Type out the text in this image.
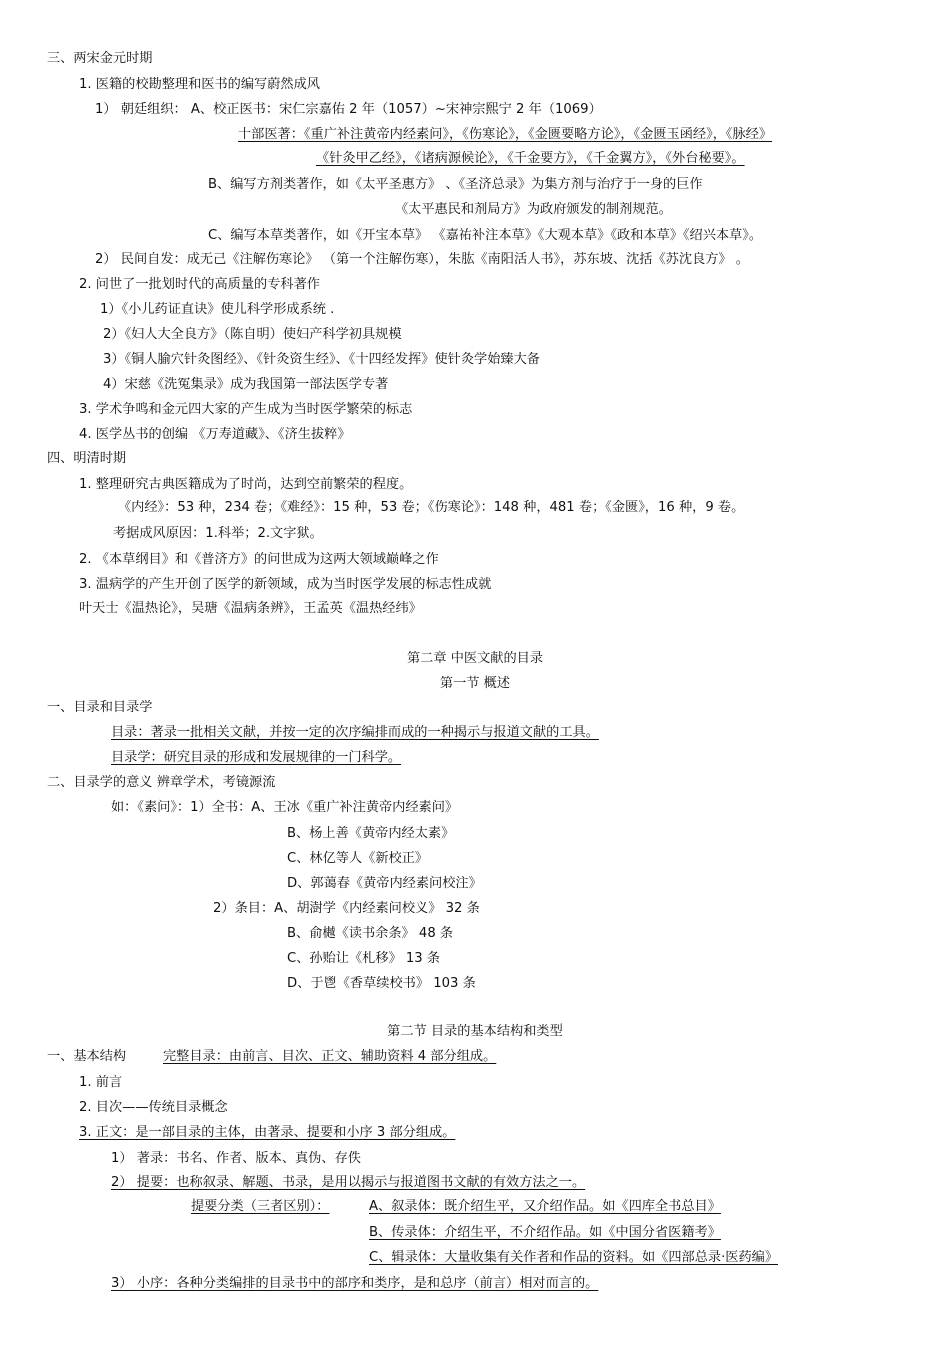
三、两宋金元时期
1. 医籍的校勘整理和医书的编写蔚然成风
1） 朝廷组织： A、校正医书：宋仁宗嘉佑 2 年（1057）~宋神宗熙宁 2 年（1069）
十部医著：《重广补注黄帝内经素问》，《伤寒论》，《金匮要略方论》，《金匮玉函经》，《脉经》
《针灸甲乙经》，《诸病源候论》，《千金要方》，《千金翼方》，《外台秘要》。
B、编写方剂类著作，如《太平圣惠方》 、《圣济总录》为集方剂与治疗于一身的巨作
《太平惠民和剂局方》为政府颁发的制剂规范。
C、编写本草类著作，如《开宝本草》 《嘉祐补注本草》《大观本草》《政和本草》《绍兴本草》。
2） 民间自发：成无己《注解伤寒论》 （第一个注解伤寒），朱肱《南阳活人书》，苏东坡、沈括《苏沈良方》 。
2. 问世了一批划时代的高质量的专科著作
1）《小儿药证直诀》使儿科学形成系统 .
2）《妇人大全良方》（陈自明）使妇产科学初具规模
3）《铜人腧穴针灸图经》、《针灸资生经》、《十四经发挥》使针灸学始臻大备
4）宋慈《洗冤集录》成为我国第一部法医学专著
3. 学术争鸣和金元四大家的产生成为当时医学繁荣的标志
4. 医学丛书的创编 《万寿道藏》、《济生拔粹》
四、明清时期
1. 整理研究古典医籍成为了时尚，达到空前繁荣的程度。
《内经》：53 种，234 卷；《难经》：15 种，53 卷；《伤寒论》：148 种，481 卷；《金匮》，16 种，9 卷。
考据成风原因：1.科举；2.文字狱。
2. 《本草纲目》和《普济方》的问世成为这两大领域巅峰之作
3. 温病学的产生开创了医学的新领域，成为当时医学发展的标志性成就
叶天士《温热论》，吴瑭《温病条辨》，王孟英《温热经纬》
第二章 中医文献的目录
第一节 概述
一、目录和目录学
目录：著录一批相关文献，并按一定的次序编排而成的一种揭示与报道文献的工具。
目录学：研究目录的形成和发展规律的一门科学。
二、目录学的意义 辨章学术，考镜源流
如：《素问》：1）全书：A、王冰《重广补注黄帝内经素问》
B、杨上善《黄帝内经太素》
C、林亿等人《新校正》
D、郭蔼春《黄帝内经素问校注》
2）条目：A、胡澍学《内经素问校义》 32 条
B、俞樾《读书余条》 48 条
C、孙贻让《札移》 13 条
D、于鬯《香草续校书》 103 条
第二节 目录的基本结构和类型
一、基本结构	完整目录：由前言、目次、正文、辅助资料 4 部分组成。
1. 前言
2. 目次——传统目录概念
3. 正文：是一部目录的主体，由著录、提要和小序 3 部分组成。
1） 著录：书名、作者、版本、真伪、存佚
2） 提要：也称叙录、解题、书录，是用以揭示与报道图书文献的有效方法之一。
提要分类（三者区别）：	A、叙录体：既介绍生平，又介绍作品。如《四库全书总目》
B、传录体：介绍生平，不介绍作品。如《中国分省医籍考》
C、辑录体：大量收集有关作者和作品的资料。如《四部总录·医药编》
3） 小序：各种分类编排的目录书中的部序和类序，是和总序（前言）相对而言的。
